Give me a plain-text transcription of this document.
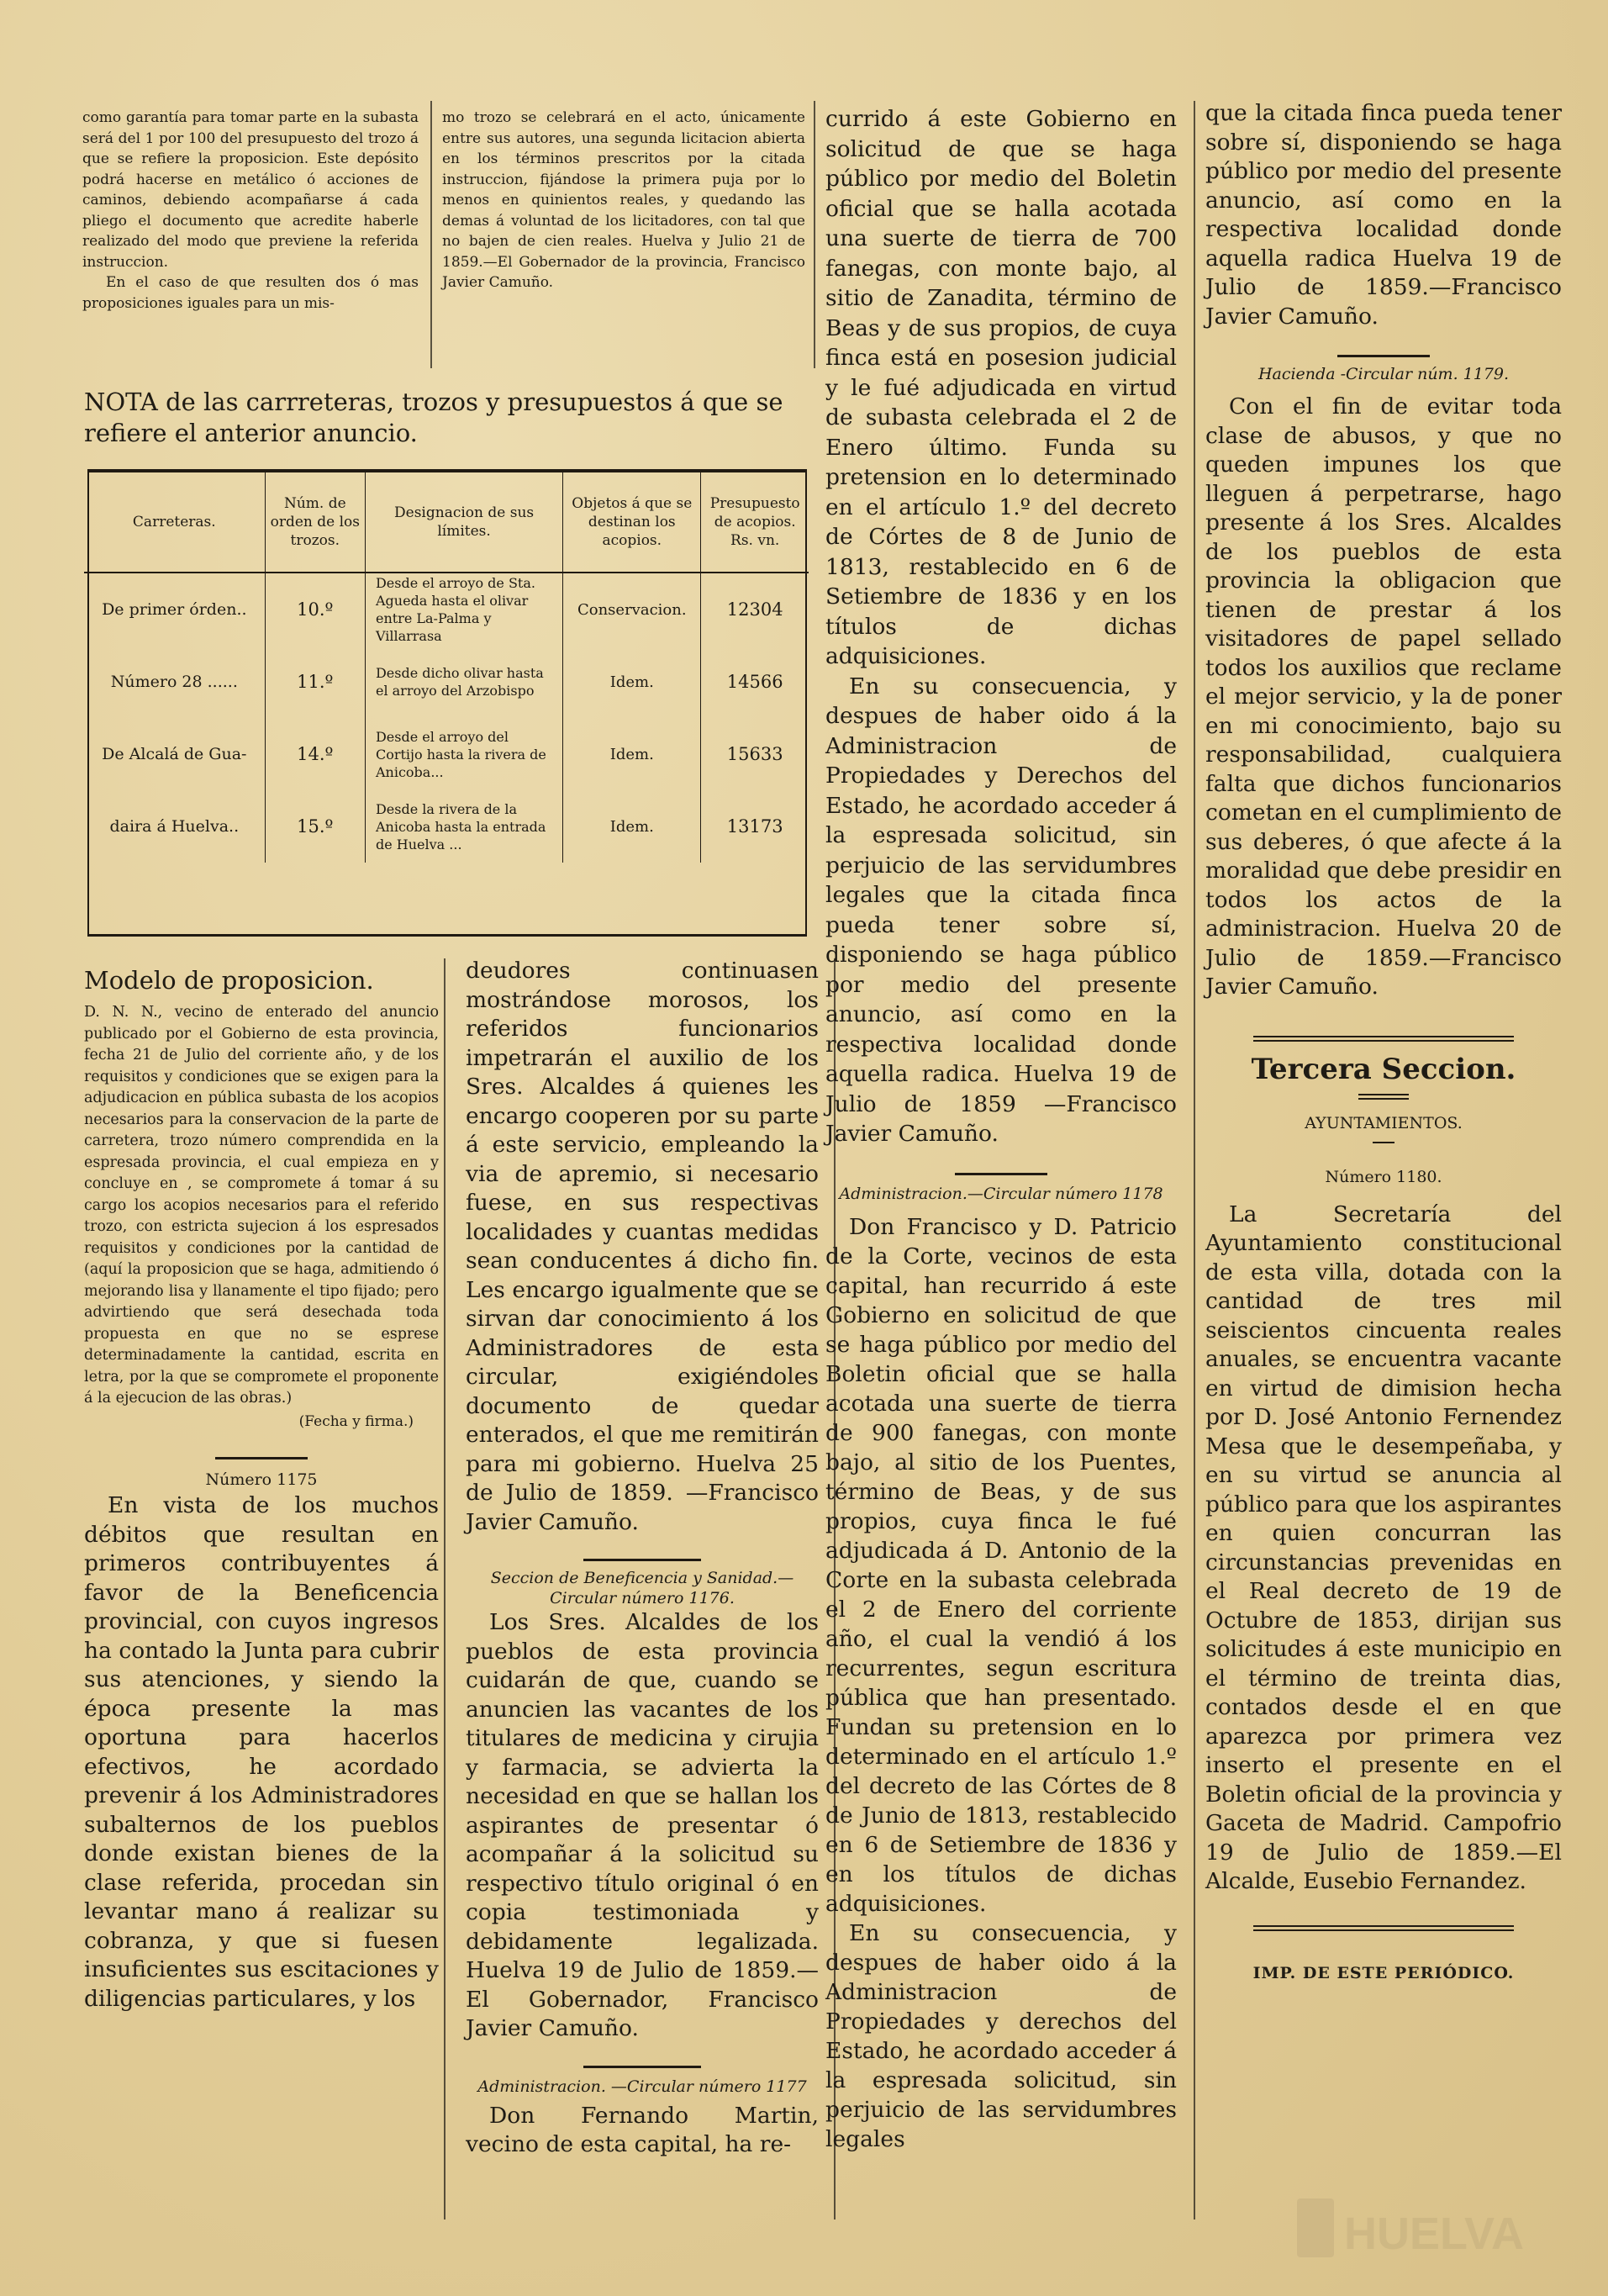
como garantía para tomar parte en la subasta será del 1 por 100 del presupuesto del trozo á que se refiere la proposicion. Este depósito podrá hacerse en metálico ó acciones de caminos, debiendo acompañarse á cada pliego el documento que acredite haberle realizado del modo que previene la referida instruccion.

En el caso de que resulten dos ó mas proposiciones iguales para un mis-

mo trozo se celebrará en el acto, únicamente entre sus autores, una segunda licitacion abierta en los términos prescritos por la citada instruccion, fijándose la primera puja por lo menos en quinientos reales, y quedando las demas á voluntad de los licitadores, con tal que no bajen de cien reales. Huelva y Julio 21 de 1859.—El Gobernador de la provincia, Francisco Javier Camuño.

NOTA de las carrreteras, trozos y presupuestos á que se refiere el anterior anuncio.
Carreteras.	Núm. de orden de los trozos.	Designacion de sus límites.	Objetos á que se destinan los acopios.	Presupuesto de acopios. Rs. vn.
De primer órden..	10.º	Desde el arroyo de Sta. Agueda hasta el olivar entre La-Palma y Villarrasa	Conservacion.	12304
Número 28 ......	11.º	Desde dicho olivar hasta el arroyo del Arzobispo	Idem.	14566
De Alcalá de Gua-	14.º	Desde el arroyo del Cortijo hasta la rivera de Anicoba...	Idem.	15633
daira á Huelva..	15.º	Desde la rivera de la Anicoba hasta la entrada de Huelva ...	Idem.	13173

Modelo de proposicion.

D. N. N., vecino de enterado del anuncio publicado por el Gobierno de esta provincia, fecha 21 de Julio del corriente año, y de los requisitos y condiciones que se exigen para la adjudicacion en pública subasta de los acopios necesarios para la conservacion de la parte de carretera, trozo número comprendida en la espresada provincia, el cual empieza en y concluye en , se compromete á tomar á su cargo los acopios necesarios para el referido trozo, con estricta sujecion á los espresados requisitos y condiciones por la cantidad de (aquí la proposicion que se haga, admitiendo ó mejorando lisa y llanamente el tipo fijado; pero advirtiendo que será desechada toda propuesta en que no se esprese determinadamente la cantidad, escrita en letra, por la que se compromete el proponente á la ejecucion de las obras.)

(Fecha y firma.)

Número 1175

En vista de los muchos débitos que resultan en primeros contribuyentes á favor de la Beneficencia provincial, con cuyos ingresos ha contado la Junta para cubrir sus atenciones, y siendo la época presente la mas oportuna para hacerlos efectivos, he acordado prevenir á los Administradores subalternos de los pueblos donde existan bienes de la clase referida, procedan sin levantar mano á realizar su cobranza, y que si fuesen insuficientes sus escitaciones y diligencias particulares, y los

deudores continuasen mostrándose morosos, los referidos funcionarios impetrarán el auxilio de los Sres. Alcaldes á quienes les encargo cooperen por su parte á este servicio, empleando la via de apremio, si necesario fuese, en sus respectivas localidades y cuantas medidas sean conducentes á dicho fin. Les encargo igualmente que se sirvan dar conocimiento á los Administradores de esta circular, exigiéndoles documento de quedar enterados, el que me remitirán para mi gobierno. Huelva 25 de Julio de 1859. —Francisco Javier Camuño.

Seccion de Beneficencia y Sanidad.— Circular número 1176.

Los Sres. Alcaldes de los pueblos de esta provincia cuidarán de que, cuando se anuncien las vacantes de los titulares de medicina y cirujia y farmacia, se advierta la necesidad en que se hallan los aspirantes de presentar ó acompañar á la solicitud su respectivo título original ó en copia testimoniada y debidamente legalizada. Huelva 19 de Julio de 1859.—El Gobernador, Francisco Javier Camuño.

Administracion. —Circular número 1177

Don Fernando Martin, vecino de esta capital, ha re-

currido á este Gobierno en solicitud de que se haga público por medio del Boletin oficial que se halla acotada una suerte de tierra de 700 fanegas, con monte bajo, al sitio de Zanadita, término de Beas y de sus propios, de cuya finca está en posesion judicial y le fué adjudicada en virtud de subasta celebrada el 2 de Enero último. Funda su pretension en lo determinado en el artículo 1.º del decreto de Córtes de 8 de Junio de 1813, restablecido en 6 de Setiembre de 1836 y en los títulos de dichas adquisiciones.

En su consecuencia, y despues de haber oido á la Administracion de Propiedades y Derechos del Estado, he acordado acceder á la espresada solicitud, sin perjuicio de las servidumbres legales que la citada finca pueda tener sobre sí, disponiendo se haga público por medio del presente anuncio, así como en la respectiva localidad donde aquella radica. Huelva 19 de Julio de 1859 —Francisco Javier Camuño.

Administracion.—Circular número 1178

Don Francisco y D. Patricio de la Corte, vecinos de esta capital, han recurrido á este Gobierno en solicitud de que se haga público por medio del Boletin oficial que se halla acotada una suerte de tierra de 900 fanegas, con monte bajo, al sitio de los Puentes, término de Beas, y de sus propios, cuya finca le fué adjudicada á D. Antonio de la Corte en la subasta celebrada el 2 de Enero del corriente año, el cual la vendió á los recurrentes, segun escritura pública que han presentado. Fundan su pretension en lo determinado en el artículo 1.º del decreto de las Córtes de 8 de Junio de 1813, restablecido en 6 de Setiembre de 1836 y en los títulos de dichas adquisiciones.

En su consecuencia, y despues de haber oido á la Administracion de Propiedades y derechos del Estado, he acordado acceder á la espresada solicitud, sin perjuicio de las servidumbres legales

que la citada finca pueda tener sobre sí, disponiendo se haga público por medio del presente anuncio, así como en la respectiva localidad donde aquella radica Huelva 19 de Julio de 1859.—Francisco Javier Camuño.

Hacienda -Circular núm. 1179.

Con el fin de evitar toda clase de abusos, y que no queden impunes los que lleguen á perpetrarse, hago presente á los Sres. Alcaldes de los pueblos de esta provincia la obligacion que tienen de prestar á los visitadores de papel sellado todos los auxilios que reclame el mejor servicio, y la de poner en mi conocimiento, bajo su responsabilidad, cualquiera falta que dichos funcionarios cometan en el cumplimiento de sus deberes, ó que afecte á la moralidad que debe presidir en todos los actos de la administracion. Huelva 20 de Julio de 1859.—Francisco Javier Camuño.

Tercera Seccion.

AYUNTAMIENTOS.

Número 1180.

La Secretaría del Ayuntamiento constitucional de esta villa, dotada con la cantidad de tres mil seiscientos cincuenta reales anuales, se encuentra vacante en virtud de dimision hecha por D. José Antonio Fernendez Mesa que le desempeñaba, y en su virtud se anuncia al público para que los aspirantes en quien concurran las circunstancias prevenidas en el Real decreto de 19 de Octubre de 1853, dirijan sus solicitudes á este municipio en el término de treinta dias, contados desde el en que aparezca por primera vez inserto el presente en el Boletin oficial de la provincia y Gaceta de Madrid. Campofrio 19 de Julio de 1859.—El Alcalde, Eusebio Fernandez.

IMP. DE ESTE PERIÓDICO.

HUELVA
